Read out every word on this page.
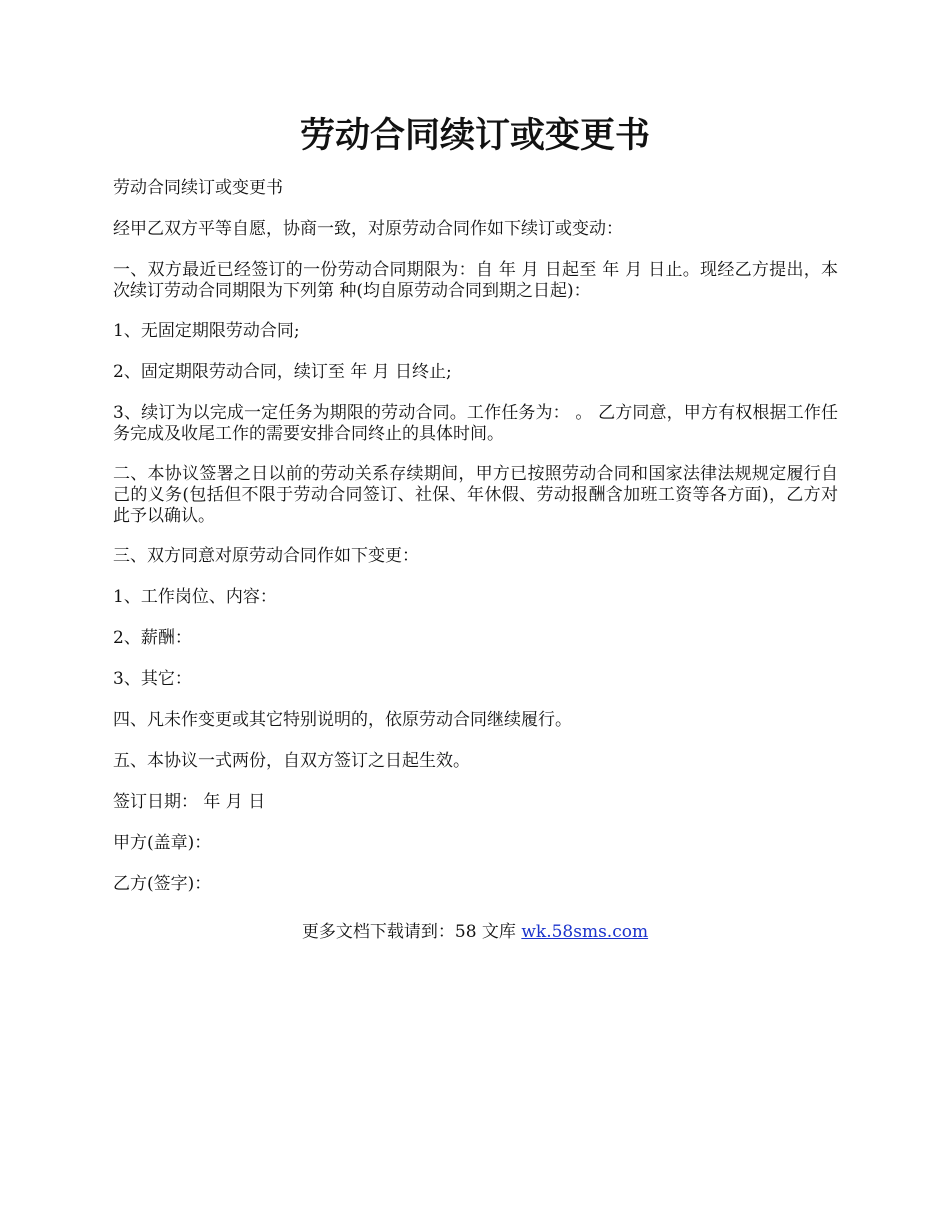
劳动合同续订或变更书

劳动合同续订或变更书

经甲乙双方平等自愿，协商一致，对原劳动合同作如下续订或变动：

一、双方最近已经签订的一份劳动合同期限为：自 年 月 日起至 年 月 日止。现经乙方提出，本次续订劳动合同期限为下列第 种(均自原劳动合同到期之日起)：

1、无固定期限劳动合同;

2、固定期限劳动合同，续订至 年 月 日终止;

3、续订为以完成一定任务为期限的劳动合同。工作任务为： 。 乙方同意，甲方有权根据工作任务完成及收尾工作的需要安排合同终止的具体时间。

二、本协议签署之日以前的劳动关系存续期间，甲方已按照劳动合同和国家法律法规规定履行自己的义务(包括但不限于劳动合同签订、社保、年休假、劳动报酬含加班工资等各方面)，乙方对此予以确认。

三、双方同意对原劳动合同作如下变更：

1、工作岗位、内容：

2、薪酬：

3、其它：

四、凡未作变更或其它特别说明的，依原劳动合同继续履行。

五、本协议一式两份，自双方签订之日起生效。

签订日期： 年 月 日

甲方(盖章)：

乙方(签字)：

更多文档下载请到：58 文库 wk.58sms.com
